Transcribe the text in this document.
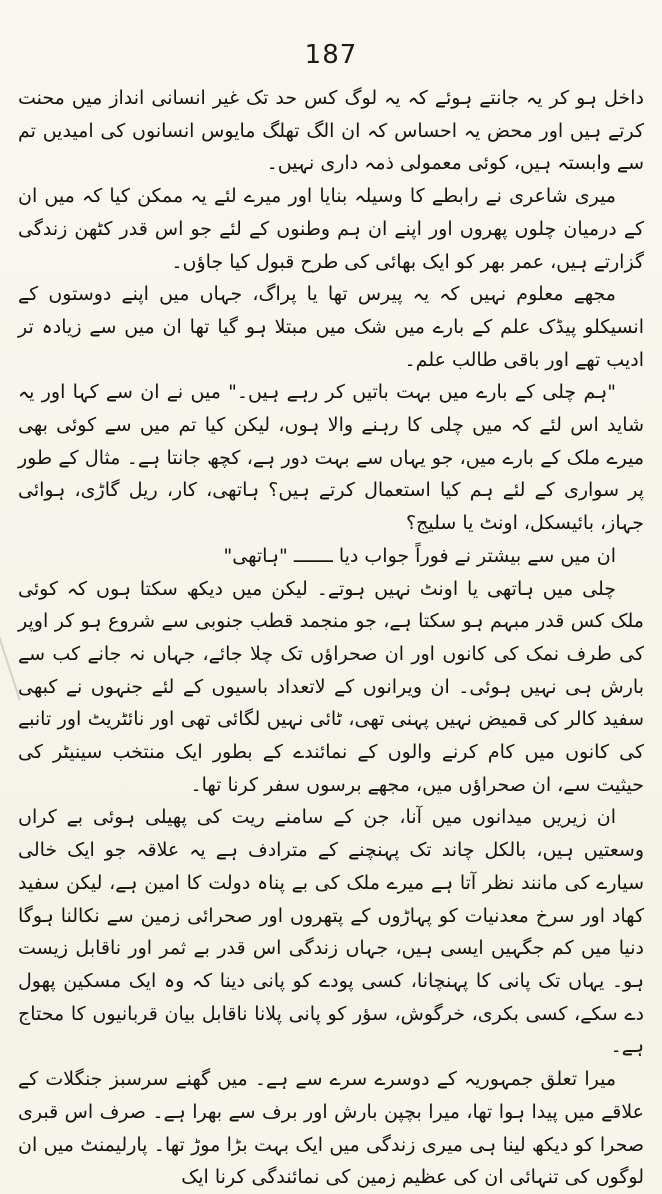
187

داخل ہو کر یہ جانتے ہوئے کہ یہ لوگ کس حد تک غیر انسانی انداز میں محنت کرتے ہیں اور محض یہ احساس کہ ان الگ تھلگ مایوس انسانوں کی امیدیں تم سے وابستہ ہیں، کوئی معمولی ذمہ داری نہیں۔

میری شاعری نے رابطے کا وسیلہ بنایا اور میرے لئے یہ ممکن کیا کہ میں ان کے درمیان چلوں پھروں اور اپنے ان ہم وطنوں کے لئے جو اس قدر کٹھن زندگی گزارتے ہیں، عمر بھر کو ایک بھائی کی طرح قبول کیا جاؤں۔

مجھے معلوم نہیں کہ یہ پیرس تھا یا پراگ، جہاں میں اپنے دوستوں کے انسیکلو پیڈک علم کے بارے میں شک میں مبتلا ہو گیا تھا ان میں سے زیادہ تر ادیب تھے اور باقی طالب علم۔

"ہم چلی کے بارے میں بہت باتیں کر رہے ہیں۔" میں نے ان سے کہا اور یہ شاید اس لئے کہ میں چلی کا رہنے والا ہوں، لیکن کیا تم میں سے کوئی بھی میرے ملک کے بارے میں، جو یہاں سے بہت دور ہے، کچھ جانتا ہے۔ مثال کے طور پر سواری کے لئے ہم کیا استعمال کرتے ہیں؟ ہاتھی، کار، ریل گاڑی، ہوائی جہاز، بائیسکل، اونٹ یا سلیج؟

ان میں سے بیشتر نے فوراً جواب دیا ـــــــ "ہاتھی"

چلی میں ہاتھی یا اونٹ نہیں ہوتے۔ لیکن میں دیکھ سکتا ہوں کہ کوئی ملک کس قدر مبہم ہو سکتا ہے، جو منجمد قطب جنوبی سے شروع ہو کر اوپر کی طرف نمک کی کانوں اور ان صحراؤں تک چلا جائے، جہاں نہ جانے کب سے بارش ہی نہیں ہوئی۔ ان ویرانوں کے لاتعداد باسیوں کے لئے جنہوں نے کبھی سفید کالر کی قمیض نہیں پہنی تھی، ٹائی نہیں لگائی تھی اور نائٹریٹ اور تانبے کی کانوں میں کام کرنے والوں کے نمائندے کے بطور ایک منتخب سینیٹر کی حیثیت سے، ان صحراؤں میں، مجھے برسوں سفر کرنا تھا۔

ان زیریں میدانوں میں آنا، جن کے سامنے ریت کی پھیلی ہوئی بے کراں وسعتیں ہیں، بالکل چاند تک پہنچنے کے مترادف ہے یہ علاقہ جو ایک خالی سیارے کی مانند نظر آتا ہے میرے ملک کی بے پناہ دولت کا امین ہے، لیکن سفید کھاد اور سرخ معدنیات کو پہاڑوں کے پتھروں اور صحرائی زمین سے نکالنا ہوگا دنیا میں کم جگہیں ایسی ہیں، جہاں زندگی اس قدر بے ثمر اور ناقابل زیست ہو۔ یہاں تک پانی کا پہنچانا، کسی پودے کو پانی دینا کہ وہ ایک مسکین پھول دے سکے، کسی بکری، خرگوش، سؤر کو پانی پلانا ناقابل بیان قربانیوں کا محتاج ہے۔

میرا تعلق جمہوریہ کے دوسرے سرے سے ہے۔ میں گھنے سرسبز جنگلات کے علاقے میں پیدا ہوا تھا، میرا بچپن بارش اور برف سے بھرا ہے۔ صرف اس قبری صحرا کو دیکھ لینا ہی میری زندگی میں ایک بہت بڑا موڑ تھا۔ پارلیمنٹ میں ان لوگوں کی تنہائی ان کی عظیم زمین کی نمائندگی کرنا ایک
